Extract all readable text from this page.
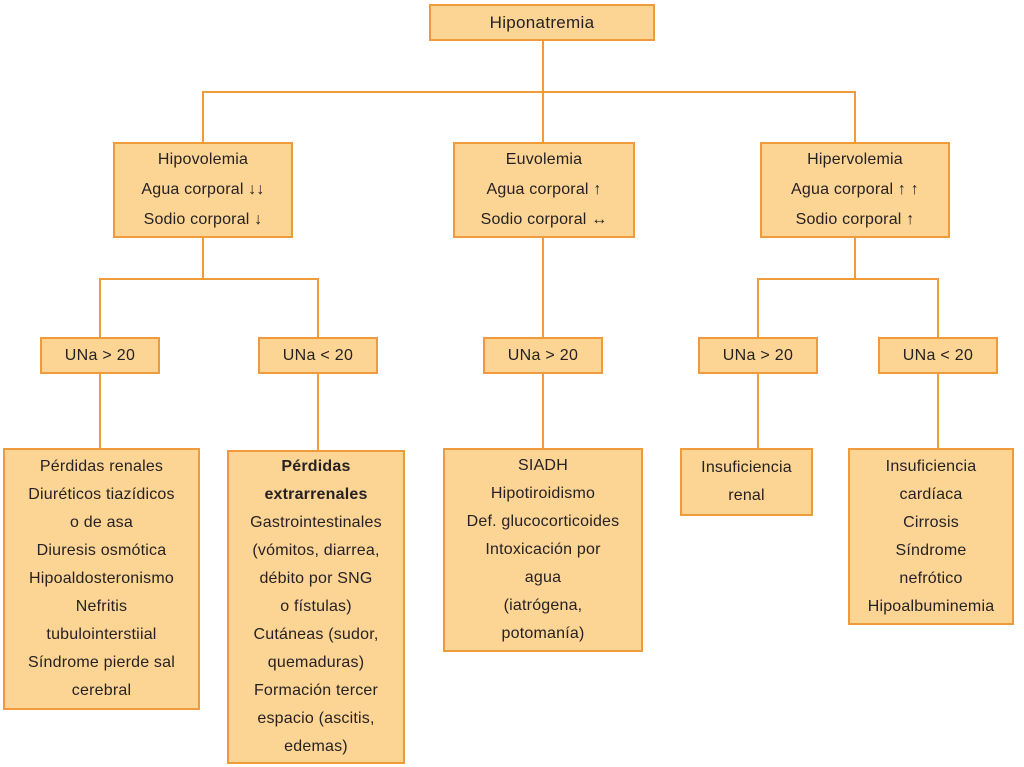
Hiponatremia
Hipovolemia
Agua corporal ↓↓
Sodio corporal ↓
Euvolemia
Agua corporal ↑
Sodio corporal ↔
Hipervolemia
Agua corporal ↑ ↑
Sodio corporal ↑
UNa > 20	UNa < 20	UNa > 20	UNa > 20	UNa < 20
Pérdidas renales
Diuréticos tiazídicos
o de asa
Diuresis osmótica
Hipoaldosteronismo
Nefritis
tubulointerstiial
Síndrome pierde sal
cerebral
Pérdidas
extrarrenales
Gastrointestinales
(vómitos, diarrea,
débito por SNG
o fístulas)
Cutáneas (sudor,
quemaduras)
Formación tercer
espacio (ascitis,
edemas)
SIADH
Hipotiroidismo
Def. glucocorticoides
Intoxicación por
agua
(iatrógena,
potomanía)
Insuficiencia
renal
Insuficiencia
cardíaca
Cirrosis
Síndrome
nefrótico
Hipoalbuminemia
